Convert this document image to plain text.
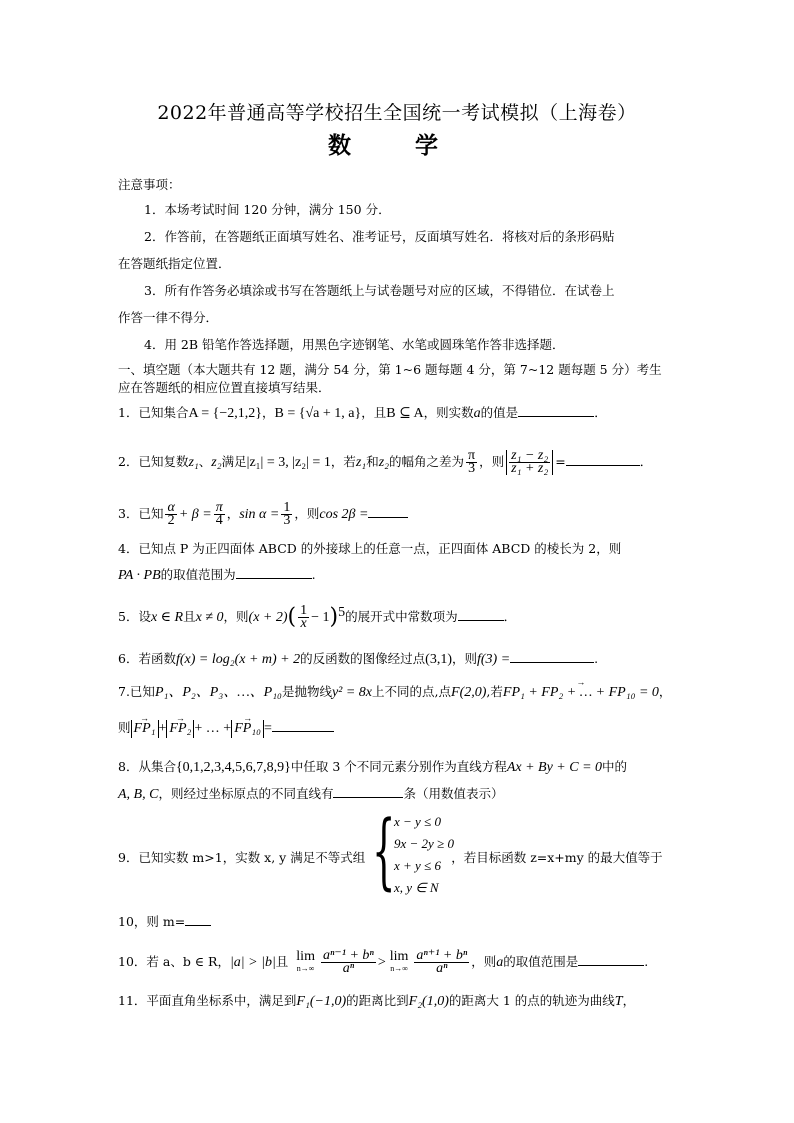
2022年普通高等学校招生全国统一考试模拟（上海卷）
数 学
注意事项：
1．本场考试时间 120 分钟，满分 150 分．
2．作答前，在答题纸正面填写姓名、准考证号，反面填写姓名．将核对后的条形码贴
在答题纸指定位置．
3．所有作答务必填涂或书写在答题纸上与试卷题号对应的区域，不得错位．在试卷上
作答一律不得分．
4．用 2B 铅笔作答选择题，用黑色字迹钢笔、水笔或圆珠笔作答非选择题．
一、填空题（本大题共有 12 题，满分 54 分，第 1~6 题每题 4 分，第 7~12 题每题 5 分）考生
应在答题纸的相应位置直接填写结果．
1．已知集合A = {−2,1,2}，B = {√a + 1, a}，且B ⊆ A，则实数a的值是	．
2．已知复数z₁、z₂满足|z₁| = 3, |z₂| = 1，若z₁和z₂的幅角之差为 $\frac{\pi}{3}$ ，则 $\frac{\text{z₁ − z₂}}{\text{z₁ + z₂}}$ =	．
3．已知 $\frac{\alpha}{2} + \beta = \frac{\pi}{4}$ ，$\sin \alpha = \frac{1}{3}$ ，则cos 2β =
4．已知点 P 为正四面体 ABCD 的外接球上的任意一点，正四面体 ABCD 的棱长为 2，则
PA · PB的取值范围为	.
5．设x ∈ R且x ≠ 0，则$(x + 2)( \frac{1}{x} - 1)^5$的展开式中常数项为	．
6．若函数f(x) = log₂(x + m) + 2的反函数的图像经过点(3,1)，则f(3) =	.
7.已知P₁、P₂、P₃、…、P₁₀是抛物线y² = 8x上不同的点,点F(2,0),若→ FP₁ + FP₂ + … + FP₁₀ = 0，
则 → FP₁ + → FP₂ + … + → FP₁₀ =
8．从集合{0,1,2,3,4,5,6,7,8,9}中任取 3 个不同元素分别作为直线方程Ax + By + C = 0中的
A, B, C，则经过坐标原点的不同直线有	条（用数值表示）
9．已知实数 m>1，实数 x, y 满足不等式组	，若目标函数 z=x+my 的最大值等于
{
x − y ≤ 0
9x − 2y ≥ 0
x + y ≤ 6
x, y ∈ N
10，则 m=
10．若 a、b ∈ R，|a| > |b|且 lim
$n\to\infty \frac{\text{aⁿ⁻¹ + bⁿ}}{\text{aⁿ}} > \lim$
$n\to\infty \frac{\text{aⁿ⁺¹ + bⁿ}}{\text{aⁿ}}$ ，则a的取值范围是	.
11．平面直角坐标系中，满足到F₁(−1,0)的距离比到F₂(1,0)的距离大 1 的点的轨迹为曲线T，
